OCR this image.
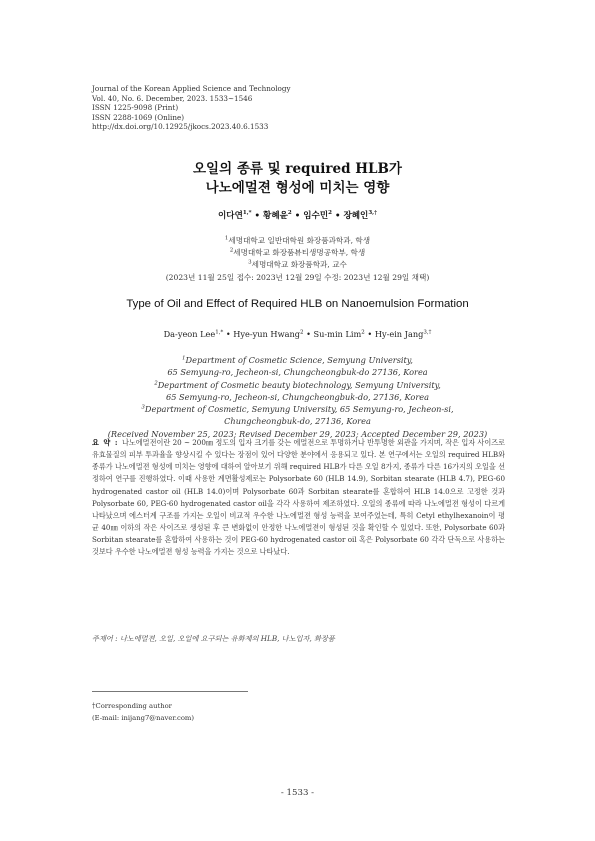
Journal of the Korean Applied Science and Technology
Vol. 40, No. 6. December, 2023. 1533~1546
ISSN 1225-9098 (Print)
ISSN 2288-1069 (Online)
http://dx.doi.org/10.12925/jkocs.2023.40.6.1533
오일의 종류 및 required HLB가
나노에멀젼 형성에 미치는 영향
이다연$^{1,*}$ • 황혜윤$^2$ • 임수민$^2$ • 장혜인$^{3,\dagger}$
$^1$세명대학교 일반대학원 화장품과학과, 학생
$^2$세명대학교 화장품뷰티생명공학부, 학생
$^3$세명대학교 화장품학과, 교수
(2023년 11월 25일 접수: 2023년 12월 29일 수정: 2023년 12월 29일 채택)
Type of Oil and Effect of Required HLB on Nanoemulsion Formation
Da-yeon Lee$^{1,*}$ • Hye-yun Hwang$^2$ • Su-min Lim$^2$ • Hy-ein Jang$^{3,\dagger}$
$^1$Department of Cosmetic Science, Semyung University,
65 Semyung-ro, Jecheon-si, Chungcheongbuk-do 27136, Korea
$^2$Department of Cosmetic beauty biotechnology, Semyung University,
65 Semyung-ro, Jecheon-si, Chungcheongbuk-do, 27136, Korea
$^3$Department of Cosmetic, Semyung University, 65 Semyung-ro, Jecheon-si,
Chungcheongbuk-do, 27136, Korea
(Received November 25, 2023; Revised December 29, 2023; Accepted December 29, 2023)
요 약 : 나노에멀전이란 20 ~ 200㎚ 정도의 입자 크기를 갖는 에멀전으로 투명하거나 반투명한 외관을 가지며, 작은 입자 사이즈로 유효물질의 피부 투과율을 향상시킬 수 있다는 장점이 있어 다양한 분야에서 응용되고 있다. 본 연구에서는 오일의 required HLB와 종류가 나노에멀젼 형성에 미치는 영향에 대하여 알아보기 위해 required HLB가 다른 오일 8가지, 종류가 다른 16가지의 오일을 선정하여 연구를 진행하였다. 이때 사용한 계면활성제로는 Polysorbate 60 (HLB 14.9), Sorbitan stearate (HLB 4.7), PEG-60 hydrogenated castor oil (HLB 14.0)이며 Polysorbate 60과 Sorbitan stearate를 혼합하여 HLB 14.0으로 고정한 것과 Polysorbate 60, PEG-60 hydrogenated castor oil을 각각 사용하여 제조하였다. 오일의 종류에 따라 나노에멀젼 형성이 다르게 나타났으며 에스터계 구조를 가지는 오일이 비교적 우수한 나노에멀젼 형성 능력을 보여주었는데, 특히 Cetyl ethylhexanoin이 평균 40㎚ 이하의 작은 사이즈로 생성된 후 큰 변화없이 안정한 나노에멀젼이 형성된 것을 확인할 수 있었다. 또한, Polysorbate 60과 Sorbitan stearate를 혼합하여 사용하는 것이 PEG-60 hydrogenated castor oil 혹은 Polysorbate 60 각각 단독으로 사용하는 것보다 우수한 나노에멀젼 형성 능력을 가지는 것으로 나타났다.
주제어 : 나노에멀젼, 오일, 오일에 요구되는 유화제의 HLB, 나노입자, 화장품
†Corresponding author
(E-mail: inijang7@naver.com)
- 1533 -
